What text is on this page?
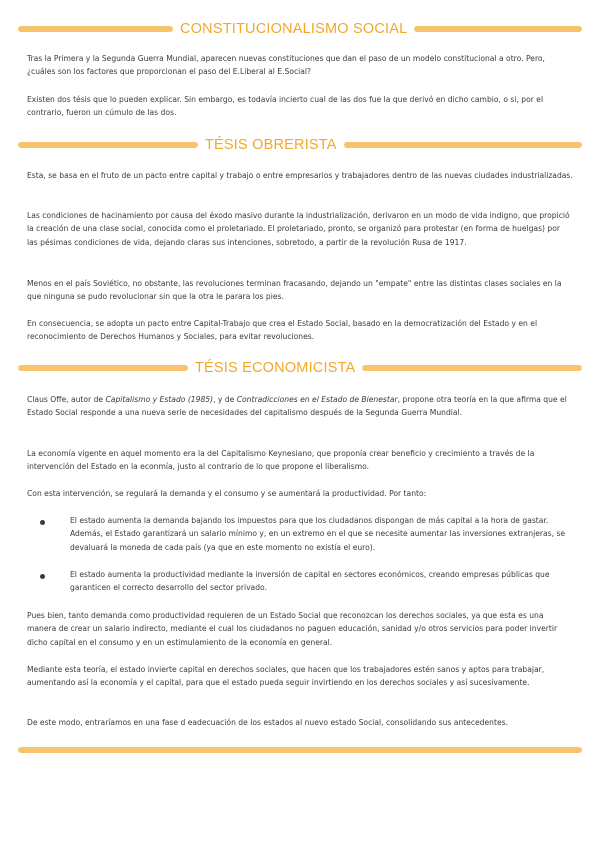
CONSTITUCIONALISMO SOCIAL

Tras la Primera y la Segunda Guerra Mundial, aparecen nuevas constituciones que dan el paso de un modelo constitucional a otro. Pero, ¿cuáles son los factores que proporcionan el paso del E.Liberal al E.Social?

Existen dos tésis que lo pueden explicar. Sin embargo, es todavía incierto cual de las dos fue la que derivó en dicho cambio, o si, por el contrario, fueron un cúmulo de las dos.

TÉSIS OBRERISTA

Esta, se basa en el fruto de un pacto entre capital y trabajo o entre empresarios y trabajadores dentro de las nuevas ciudades industrializadas.

Las condiciones de hacinamiento por causa del éxodo masivo durante la industrialización, derivaron en un modo de vida indigno, que propició la creación de una clase social, conocida como el proletariado. El proletariado, pronto, se organizó para protestar (en forma de huelgas) por las pésimas condiciones de vida, dejando claras sus intenciones, sobretodo, a partir de la revolución Rusa de 1917.

Menos en el país Soviético, no obstante, las revoluciones terminan fracasando, dejando un "empate" entre las distintas clases sociales en la que ninguna se pudo revolucionar sin que la otra le parara los pies.

En consecuencia, se adopta un pacto entre Capital-Trabajo que crea el Estado Social, basado en la democratización del Estado y en el reconocimiento de Derechos Humanos y Sociales, para evitar revoluciones.

TÉSIS ECONOMICISTA

Claus Offe, autor de Capitalismo y Estado (1985), y de Contradicciones en el Estado de Bienestar, propone otra teoría en la que afirma que el Estado Social responde a una nueva serie de necesidades del capitalismo después de la Segunda Guerra Mundial.

La economía vigente en aquel momento era la del Capitalismo Keynesiano, que proponía crear beneficio y crecimiento a través de la intervención del Estado en la econmía, justo al contrario de lo que propone el liberalismo.

Con esta intervención, se regulará la demanda y el consumo y se aumentará la productividad. Por tanto:

El estado aumenta la demanda bajando los impuestos para que los ciudadanos dispongan de más capital a la hora de gastar. Además, el Estado garantizará un salario mínimo y, en un extremo en el que se necesite aumentar las inversiones extranjeras, se devaluará la moneda de cada país (ya que en este momento no existía el euro).

El estado aumenta la productividad mediante la inversión de capital en sectores económicos, creando empresas públicas que garanticen el correcto desarrollo del sector privado.

Pues bien, tanto demanda como productividad requieren de un Estado Social que reconozcan los derechos sociales, ya que esta es una manera de crear un salario indirecto, mediante el cual los ciudadanos no paguen educación, sanidad y/o otros servicios para poder invertir dicho capital en el consumo y en un estimulamiento de la economía en general.

Mediante esta teoría, el estado invierte capital en derechos sociales, que hacen que los trabajadores estén sanos y aptos para trabajar, aumentando así la economía y el capital, para que el estado pueda seguir invirtiendo en los derechos sociales y así sucesivamente.

De este modo, entraríamos en una fase d eadecuación de los estados al nuevo estado Social, consolidando sus antecedentes.
